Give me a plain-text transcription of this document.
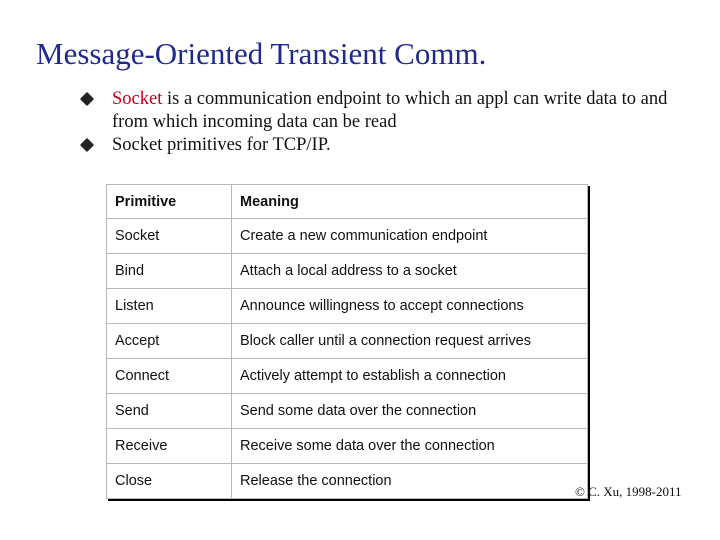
Message-Oriented Transient Comm.
Socket is a communication endpoint to which an appl can write data to and from which incoming data can be read
Socket primitives for TCP/IP.
Primitive	Meaning
Socket	Create a new communication endpoint
Bind	Attach a local address to a socket
Listen	Announce willingness to accept connections
Accept	Block caller until a connection request arrives
Connect	Actively attempt to establish a connection
Send	Send some data over the connection
Receive	Receive some data over the connection
Close	Release the connection
© C. Xu, 1998-2011
